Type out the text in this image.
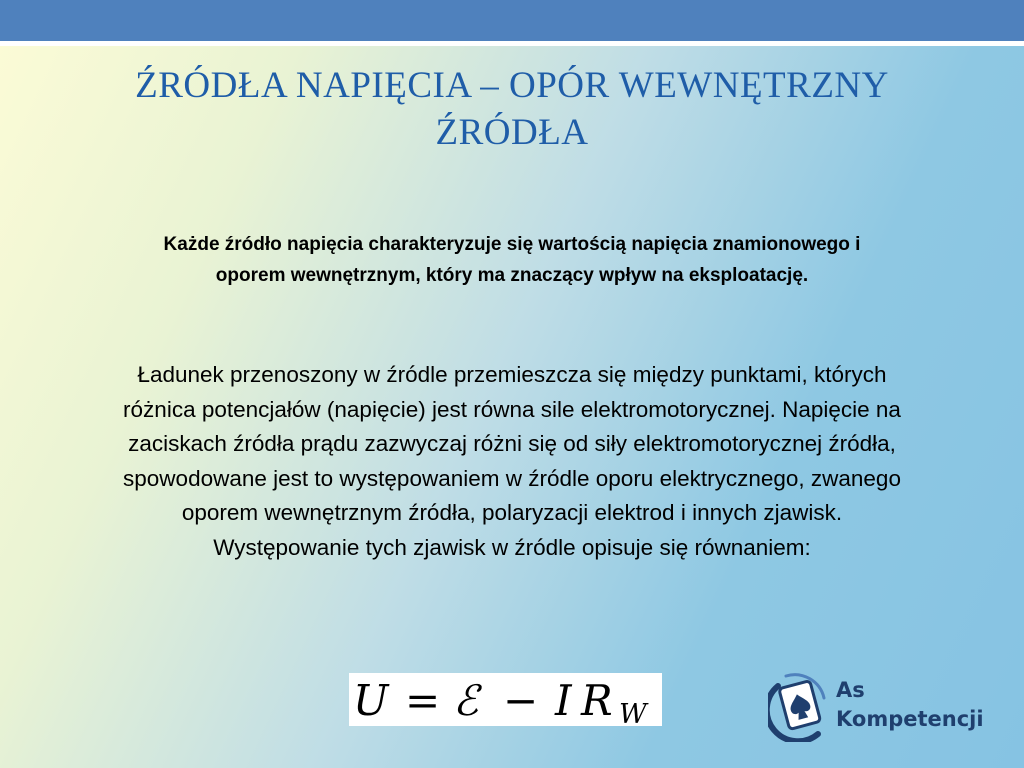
ŹRÓDŁA NAPIĘCIA – OPÓR WEWNĘTRZNY ŹRÓDŁA

Każde źródło napięcia charakteryzuje się wartością napięcia znamionowego i oporem wewnętrznym, który ma znaczący wpływ na eksploatację.

Ładunek przenoszony w źródle przemieszcza się między punktami, których różnica potencjałów (napięcie) jest równa sile elektromotorycznej. Napięcie na zaciskach źródła prądu zazwyczaj różni się od siły elektromotorycznej źródła, spowodowane jest to występowaniem w źródle oporu elektrycznego, zwanego oporem wewnętrznym źródła, polaryzacji elektrod i innych zjawisk. Występowanie tych zjawisk w źródle opisuje się równaniem:

U = ℰ − I R W
As
Kompetencji
